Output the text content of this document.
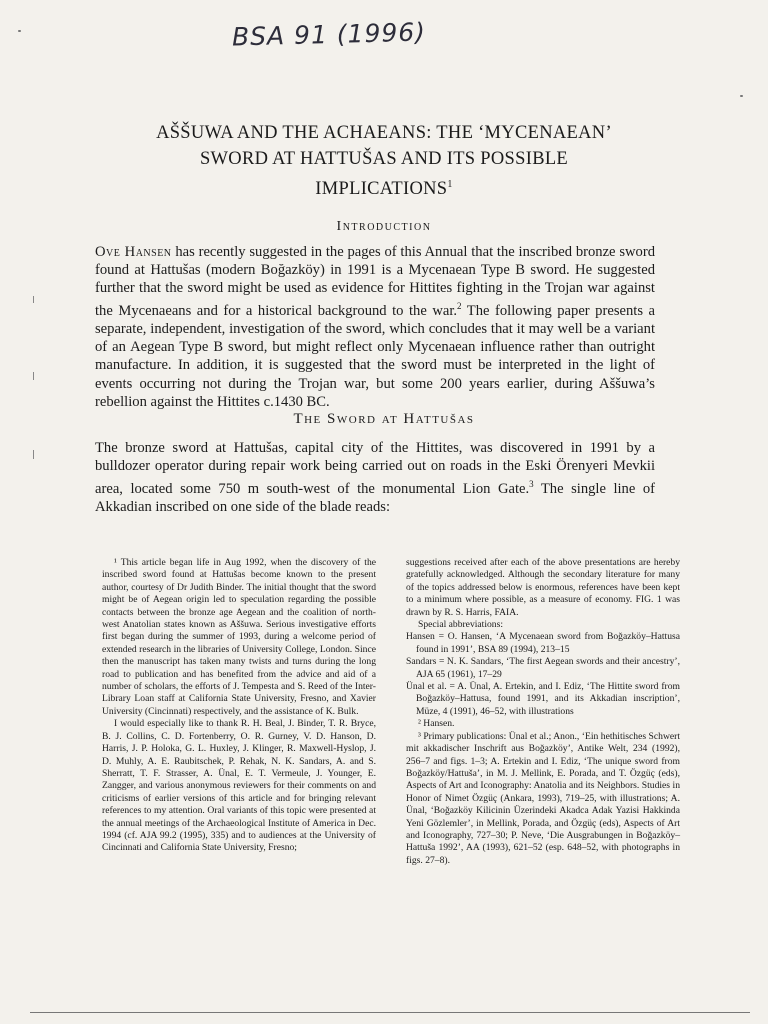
BSA 91 (1996)
AŠŠUWA AND THE ACHAEANS: THE ‘MYCENAEAN’
SWORD AT HATTUŠAS AND ITS POSSIBLE
IMPLICATIONS$^1$
Introduction
Ove Hansen has recently suggested in the pages of this Annual that the inscribed bronze sword found at Hattušas (modern Boğazköy) in 1991 is a Mycenaean Type B sword. He suggested further that the sword might be used as evidence for Hittites fighting in the Trojan war against the Mycenaeans and for a historical background to the war.$^2$ The following paper presents a separate, independent, investigation of the sword, which concludes that it may well be a variant of an Aegean Type B sword, but might reflect only Mycenaean influence rather than outright manufacture. In addition, it is suggested that the sword must be interpreted in the light of events occurring not during the Trojan war, but some 200 years earlier, during Aššuwa’s rebellion against the Hittites c.1430 BC.
The Sword at Hattušas
The bronze sword at Hattušas, capital city of the Hittites, was discovered in 1991 by a bulldozer operator during repair work being carried out on roads in the Eski Örenyeri Mevkii area, located some 750 m south-west of the monumental Lion Gate.$^3$ The single line of Akkadian inscribed on one side of the blade reads:

¹ This article began life in Aug 1992, when the discovery of the inscribed sword found at Hattušas become known to the present author, courtesy of Dr Judith Binder. The initial thought that the sword might be of Aegean origin led to speculation regarding the possible contacts between the bronze age Aegean and the coalition of north-west Anatolian states known as Aššuwa. Serious investigative efforts first began during the summer of 1993, during a welcome period of extended research in the libraries of University College, London. Since then the manuscript has taken many twists and turns during the long road to publication and has benefited from the advice and aid of a number of scholars, the efforts of J. Tempesta and S. Reed of the Inter-Library Loan staff at California State University, Fresno, and Xavier University (Cincinnati) respectively, and the assistance of K. Bulk.

I would especially like to thank R. H. Beal, J. Binder, T. R. Bryce, B. J. Collins, C. D. Fortenberry, O. R. Gurney, V. D. Hanson, D. Harris, J. P. Holoka, G. L. Huxley, J. Klinger, R. Maxwell-Hyslop, J. D. Muhly, A. E. Raubitschek, P. Rehak, N. K. Sandars, A. and S. Sherratt, T. F. Strasser, A. Ünal, E. T. Vermeule, J. Younger, E. Zangger, and various anonymous reviewers for their comments on and criticisms of earlier versions of this article and for bringing relevant references to my attention. Oral variants of this topic were presented at the annual meetings of the Archaeological Institute of America in Dec. 1994 (cf. AJA 99.2 (1995), 335) and to audiences at the University of Cincinnati and California State University, Fresno;

suggestions received after each of the above presentations are hereby gratefully acknowledged. Although the secondary literature for many of the topics addressed below is enormous, references have been kept to a minimum where possible, as a measure of economy. FIG. 1 was drawn by R. S. Harris, FAIA.

Special abbreviations:

Hansen = O. Hansen, ‘A Mycenaean sword from Boğazköy–Hattusa found in 1991’, BSA 89 (1994), 213–15

Sandars = N. K. Sandars, ‘The first Aegean swords and their ancestry’, AJA 65 (1961), 17–29

Ünal et al. = A. Ünal, A. Ertekin, and I. Ediz, ‘The Hittite sword from Boğazköy–Hattusa, found 1991, and its Akkadian inscription’, Müze, 4 (1991), 46–52, with illustrations

² Hansen.

³ Primary publications: Ünal et al.; Anon., ‘Ein hethitisches Schwert mit akkadischer Inschrift aus Boğazköy’, Antike Welt, 234 (1992), 256–7 and figs. 1–3; A. Ertekin and I. Ediz, ‘The unique sword from Boğazköy/Hattuša’, in M. J. Mellink, E. Porada, and T. Özgüç (eds), Aspects of Art and Iconography: Anatolia and its Neighbors. Studies in Honor of Nimet Özgüç (Ankara, 1993), 719–25, with illustrations; A. Ünal, ‘Boğazköy Kilicinin Üzerindeki Akadca Adak Yazisi Hakkinda Yeni Gözlemler’, in Mellink, Porada, and Özgüç (eds), Aspects of Art and Iconography, 727–30; P. Neve, ‘Die Ausgrabungen in Boğazköy–Hattuša 1992’, AA (1993), 621–52 (esp. 648–52, with photographs in figs. 27–8).
